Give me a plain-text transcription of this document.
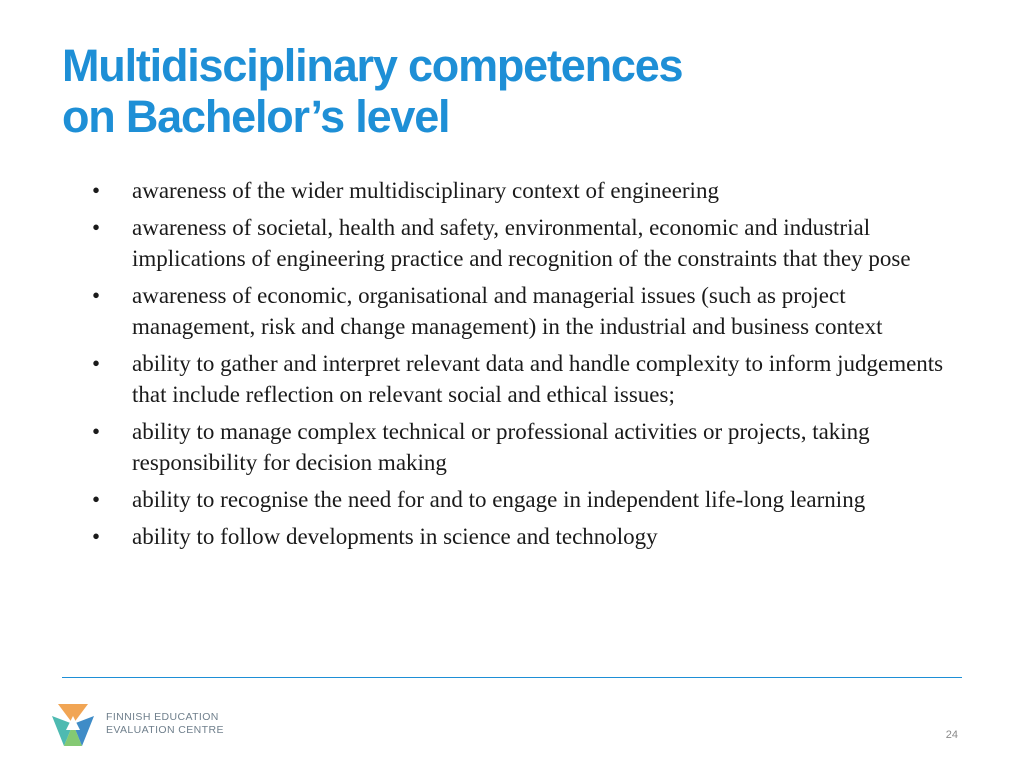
Multidisciplinary competences
on Bachelor’s level
•	awareness of the wider multidisciplinary context of engineering
•	awareness of societal, health and safety, environmental, economic and industrial implications of engineering practice and recognition of the constraints that they pose
•	awareness of economic, organisational and managerial issues (such as project management, risk and change management) in the industrial and business context
•	ability to gather and interpret relevant data and handle complexity to inform judgements that include reflection on relevant social and ethical issues;
•	ability to manage complex technical or professional activities or projects, taking responsibility for decision making
•	ability to recognise the need for and to engage in independent life-long learning
•	ability to follow developments in science and technology
FINNISH EDUCATION
EVALUATION CENTRE	24
